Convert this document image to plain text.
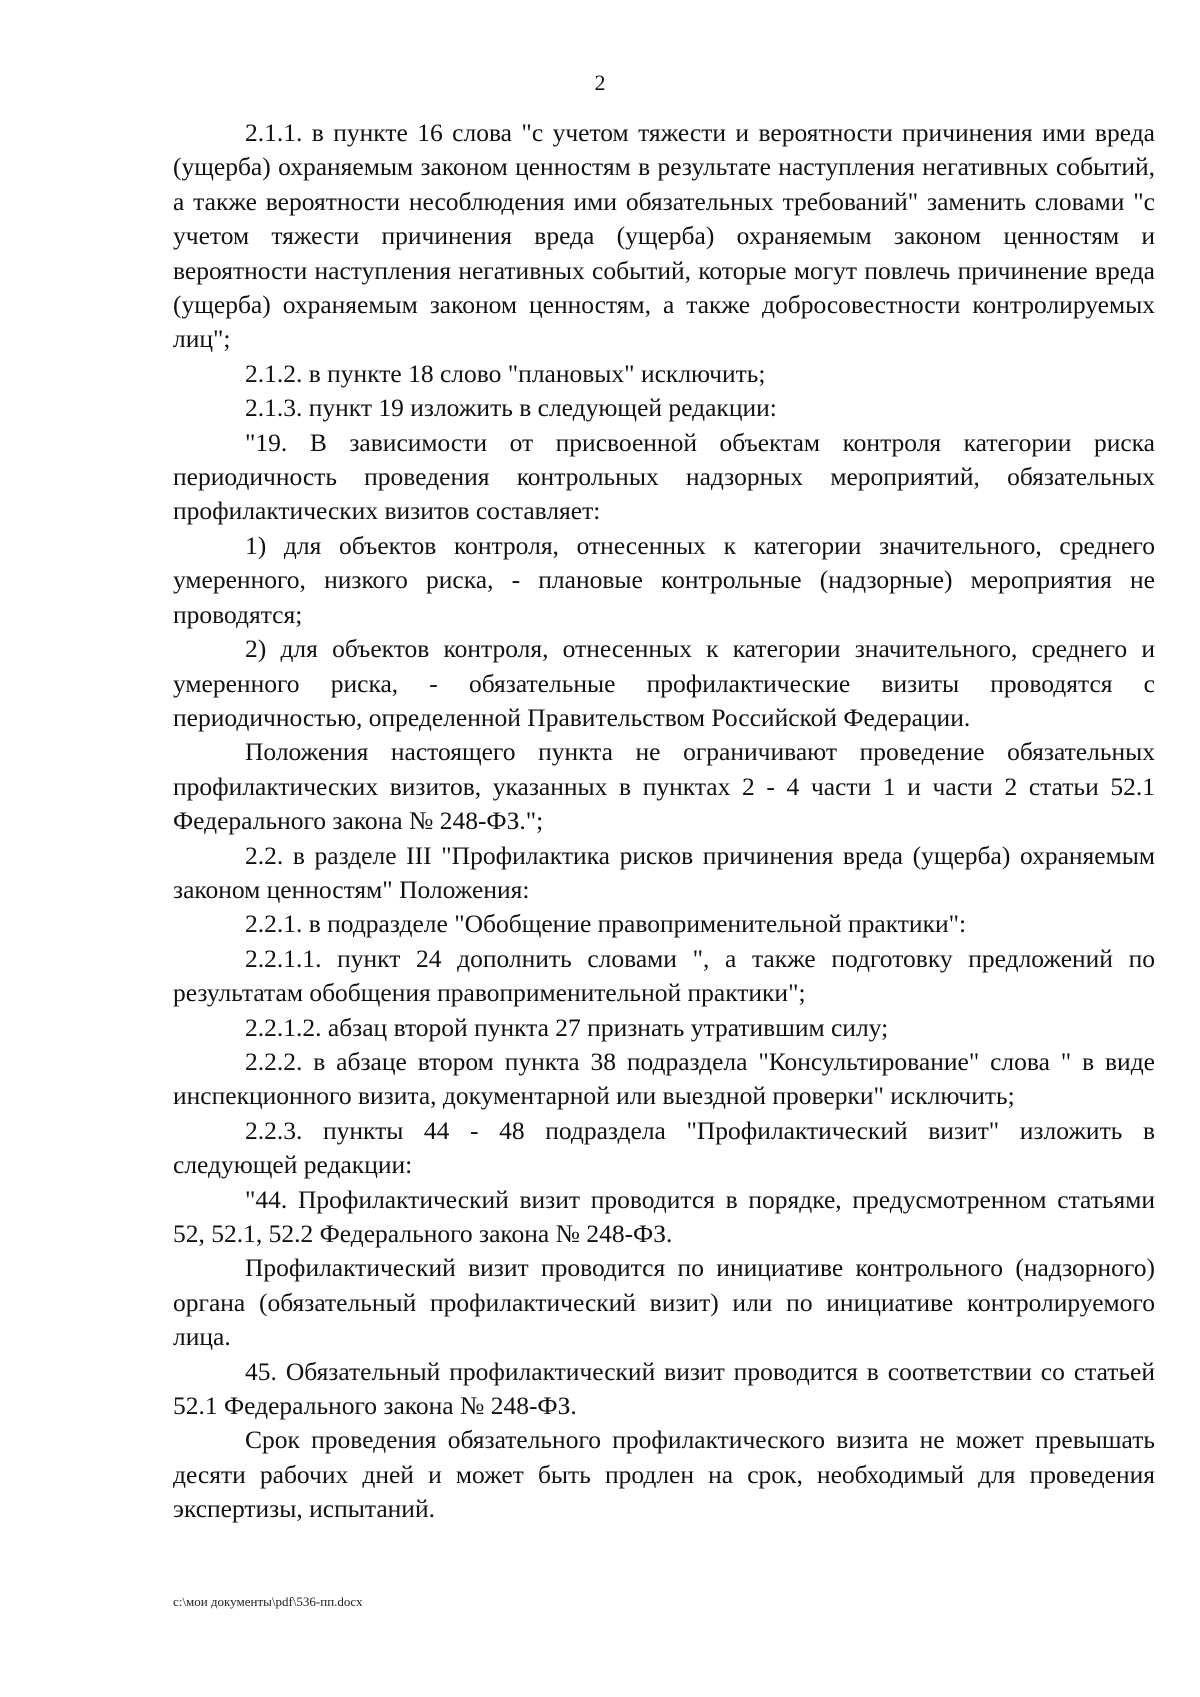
2

2.1.1. в пункте 16 слова "с учетом тяжести и вероятности причинения ими вреда (ущерба) охраняемым законом ценностям в результате наступления негативных событий, а также вероятности несоблюдения ими обязательных требований" заменить словами "с учетом тяжести причинения вреда (ущерба) охраняемым законом ценностям и вероятности наступления негативных событий, которые могут повлечь причинение вреда (ущерба) охраняемым законом ценностям, а также добросовестности контролируемых лиц";

2.1.2. в пункте 18 слово "плановых" исключить;

2.1.3. пункт 19 изложить в следующей редакции:

"19. В зависимости от присвоенной объектам контроля категории риска периодичность проведения контрольных надзорных мероприятий, обязательных профилактических визитов составляет:

1) для объектов контроля, отнесенных к категории значительного, среднего умеренного, низкого риска, - плановые контрольные (надзорные) мероприятия не проводятся;

2) для объектов контроля, отнесенных к категории значительного, среднего и умеренного риска, - обязательные профилактические визиты проводятся с периодичностью, определенной Правительством Российской Федерации.

Положения настоящего пункта не ограничивают проведение обязательных профилактических визитов, указанных в пунктах 2 - 4 части 1 и части 2 статьи 52.1 Федерального закона № 248-ФЗ.";

2.2. в разделе III "Профилактика рисков причинения вреда (ущерба) охраняемым законом ценностям" Положения:

2.2.1. в подразделе "Обобщение правоприменительной практики":

2.2.1.1. пункт 24 дополнить словами ", а также подготовку предложений по результатам обобщения правоприменительной практики";

2.2.1.2. абзац второй пункта 27 признать утратившим силу;

2.2.2. в абзаце втором пункта 38 подраздела "Консультирование" слова " в виде инспекционного визита, документарной или выездной проверки" исключить;

2.2.3. пункты 44 - 48 подраздела "Профилактический визит" изложить в следующей редакции:

"44. Профилактический визит проводится в порядке, предусмотренном статьями 52, 52.1, 52.2 Федерального закона № 248-ФЗ.

Профилактический визит проводится по инициативе контрольного (надзорного) органа (обязательный профилактический визит) или по инициативе контролируемого лица.

45. Обязательный профилактический визит проводится в соответствии со статьей 52.1 Федерального закона № 248-ФЗ.

Срок проведения обязательного профилактического визита не может превышать десяти рабочих дней и может быть продлен на срок, необходимый для проведения экспертизы, испытаний.

c:\мои документы\pdf\536-пп.docx
